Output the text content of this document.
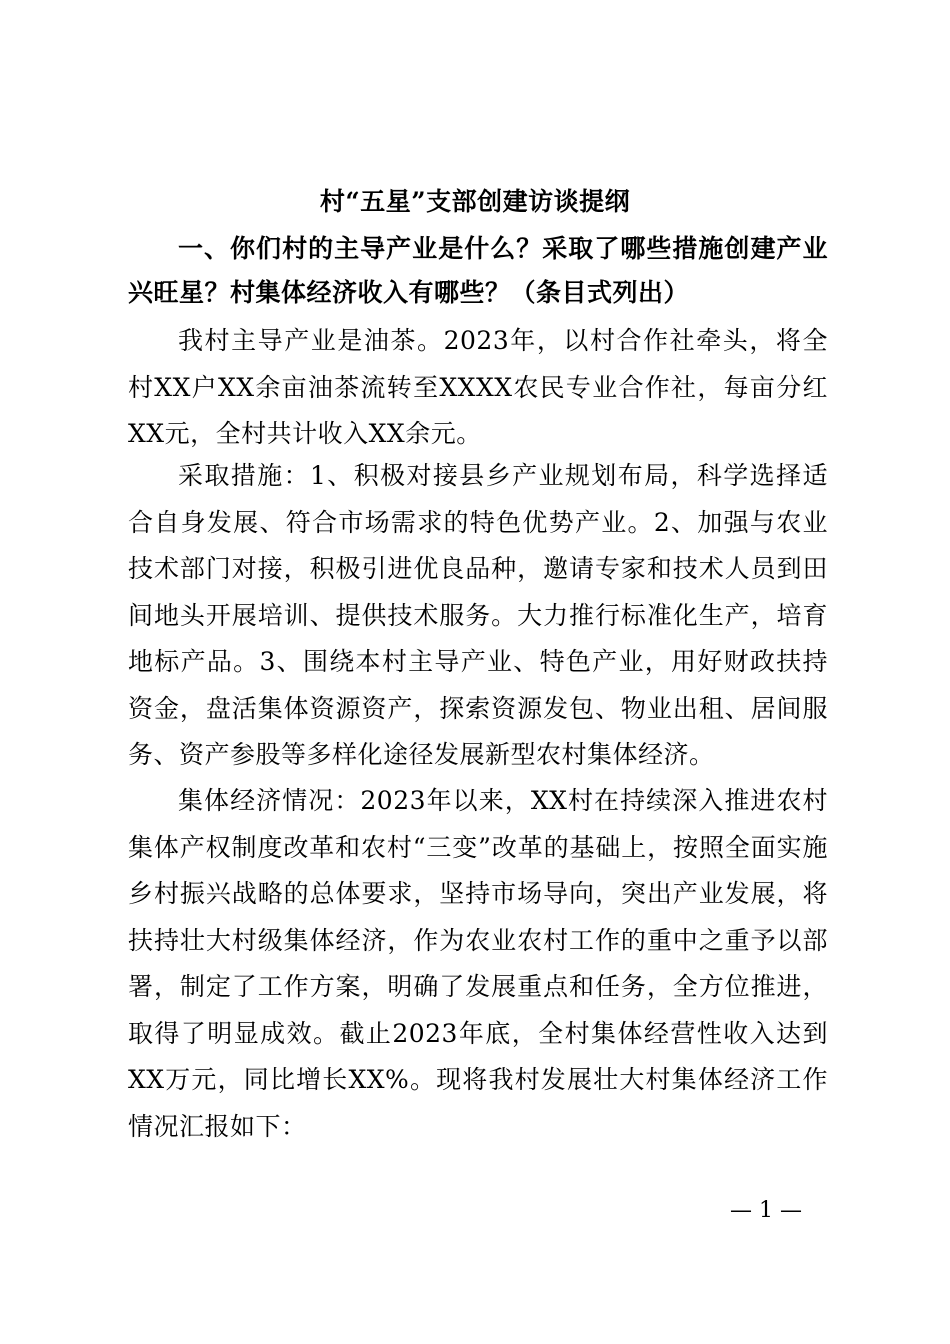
村“五星”支部创建访谈提纲
一、你们村的主导产业是什么？采取了哪些措施创建产业兴旺星？村集体经济收入有哪些？（条目式列出）
我村主导产业是油茶。2023年，以村合作社牵头，将全村XX户XX余亩油茶流转至XXXX农民专业合作社，每亩分红XX元，全村共计收入XX余元。
采取措施：1、积极对接县乡产业规划布局，科学选择适合自身发展、符合市场需求的特色优势产业。2、加强与农业技术部门对接，积极引进优良品种，邀请专家和技术人员到田间地头开展培训、提供技术服务。大力推行标准化生产，培育地标产品。3、围绕本村主导产业、特色产业，用好财政扶持资金，盘活集体资源资产，探索资源发包、物业出租、居间服务、资产参股等多样化途径发展新型农村集体经济。
集体经济情况：2023年以来，XX村在持续深入推进农村集体产权制度改革和农村“三变”改革的基础上，按照全面实施乡村振兴战略的总体要求，坚持市场导向，突出产业发展，将扶持壮大村级集体经济，作为农业农村工作的重中之重予以部署，制定了工作方案，明确了发展重点和任务，全方位推进，取得了明显成效。截止2023年底，全村集体经营性收入达到XX万元，同比增长XX%。现将我村发展壮大村集体经济工作情况汇报如下：
— 1 —
